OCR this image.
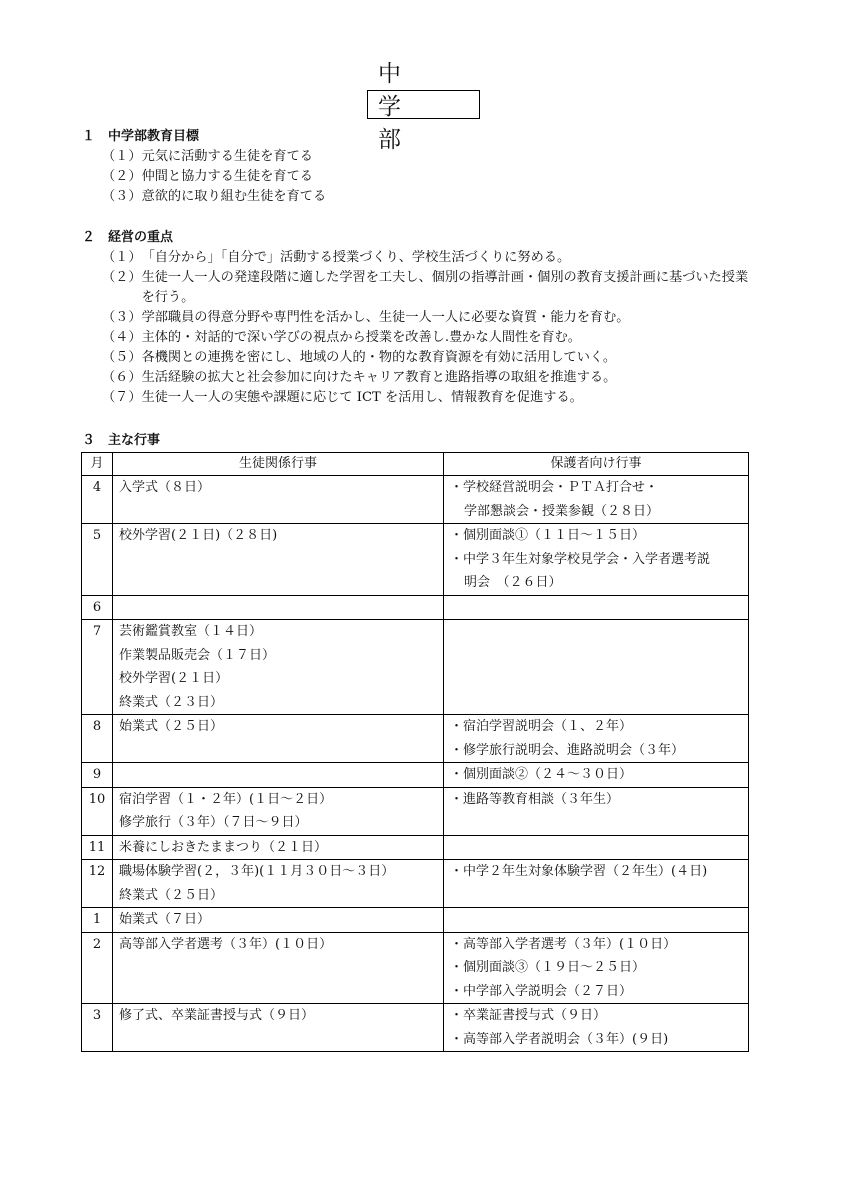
中　学　部
１　中学部教育目標
（１） 元気に活動する生徒を育てる
（２） 仲間と協力する生徒を育てる
（３） 意欲的に取り組む生徒を育てる
２　経営の重点
（１） 「自分から」「自分で」活動する授業づくり、学校生活づくりに努める。
（２） 生徒一人一人の発達段階に適した学習を工夫し、個別の指導計画・個別の教育支援計画に基づいた授業を行う。
（３） 学部職員の得意分野や専門性を活かし、生徒一人一人に必要な資質・能力を育む。
（４） 主体的・対話的で深い学びの視点から授業を改善し.豊かな人間性を育む。
（５） 各機関との連携を密にし、地域の人的・物的な教育資源を有効に活用していく。
（６） 生活経験の拡大と社会参加に向けたキャリア教育と進路指導の取組を推進する。
（７） 生徒一人一人の実態や課題に応じて ICT を活用し、情報教育を促進する。
３　主な行事
月	生徒関係行事	保護者向け行事
4	入学式（８日）	・学校経営説明会・ＰＴＡ打合せ・
学部懇談会・授業参観（２８日）

5	校外学習(２１日)（２８日)	・個別面談①（１１日～１５日）
・中学３年生対象学校見学会・入学者選考説
明会　（２６日）

6		
7	芸術鑑賞教室（１４日）
作業製品販売会（１７日）
校外学習(２１日）
終業式（２３日）	

8	始業式（２５日）	・宿泊学習説明会（１、２年）
・修学旅行説明会、進路説明会（３年）

9		・個別面談②（２４～３０日）

10	宿泊学習（１・２年）(１日～２日）
修学旅行（３年）（７日～９日）	・進路等教育相談（３年生）

11	米養にしおきたままつり（２１日）	

12	職場体験学習(２，３年)(１１月３０日～３日）
終業式（２５日）	・中学２年生対象体験学習（２年生）(４日)

1	始業式（７日）	

2	高等部入学者選考（３年）(１０日）	・高等部入学者選考（３年）(１０日）
・個別面談③（１９日～２５日）
・中学部入学説明会（２７日）

3	修了式、卒業証書授与式（９日）	・卒業証書授与式（９日）
・高等部入学者説明会（３年）(９日)
